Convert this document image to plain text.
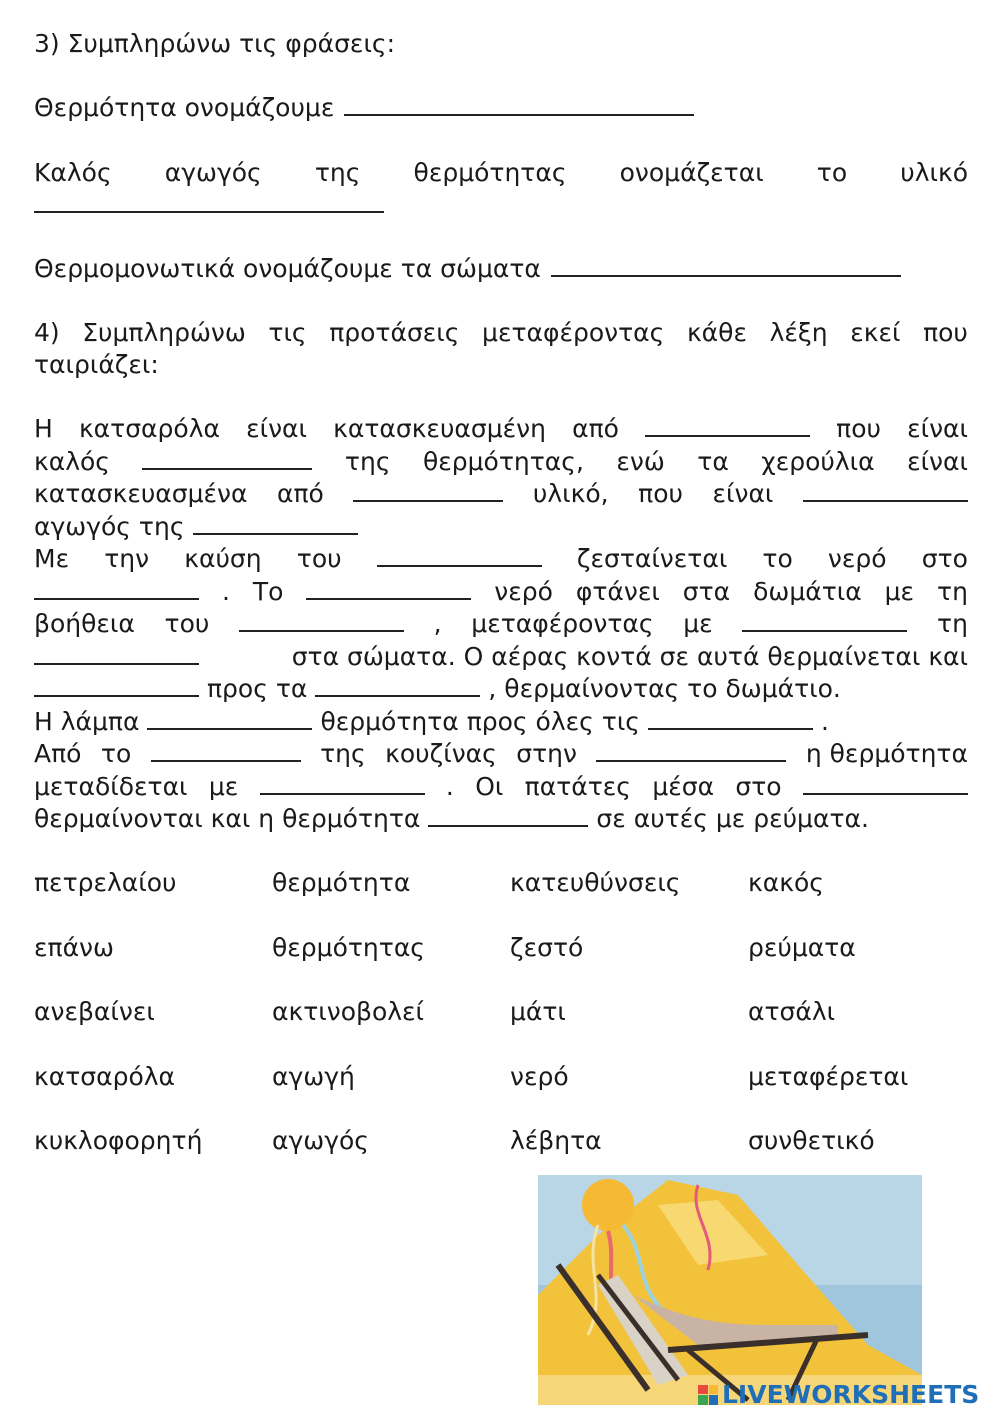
3) Συμπληρώνω τις φράσεις:
Θερμότητα ονομάζουμε
Καλός αγωγός της θερμότητας ονομάζεται το υλικό
Θερμομονωτικά ονομάζουμε τα σώματα
4) Συμπληρώνω τις προτάσεις μεταφέροντας κάθε λέξη εκεί που
ταιριάζει:
Η κατσαρόλα είναι κατασκευασμένη από	που είναι
καλός	της θερμότητας, ενώ τα χερούλια είναι
κατασκευασμένα από	υλικό, που είναι
αγωγός της
Με την καύση του	ζεσταίνεται το νερό στο
. Το	νερό φτάνει στα δωμάτια με τη
βοήθεια του	, μεταφέροντας με	τη
στα σώματα. Ο αέρας κοντά σε αυτά θερμαίνεται και
προς τα	, θερμαίνοντας το δωμάτιο.
Η λάμπα	θερμότητα προς όλες τις	.
Από το	της κουζίνας στην	η θερμότητα
μεταδίδεται με	. Οι πατάτες μέσα στο
θερμαίνονται και η θερμότητα	σε αυτές με ρεύματα.
πετρελαίου	θερμότητα	κατευθύνσεις	κακός
επάνω	θερμότητας	ζεστό	ρεύματα
ανεβαίνει	ακτινοβολεί	μάτι	ατσάλι
κατσαρόλα	αγωγή	νερό	μεταφέρεται
κυκλοφορητή	αγωγός	λέβητα	συνθετικό
LIVEWORKSHEETS
